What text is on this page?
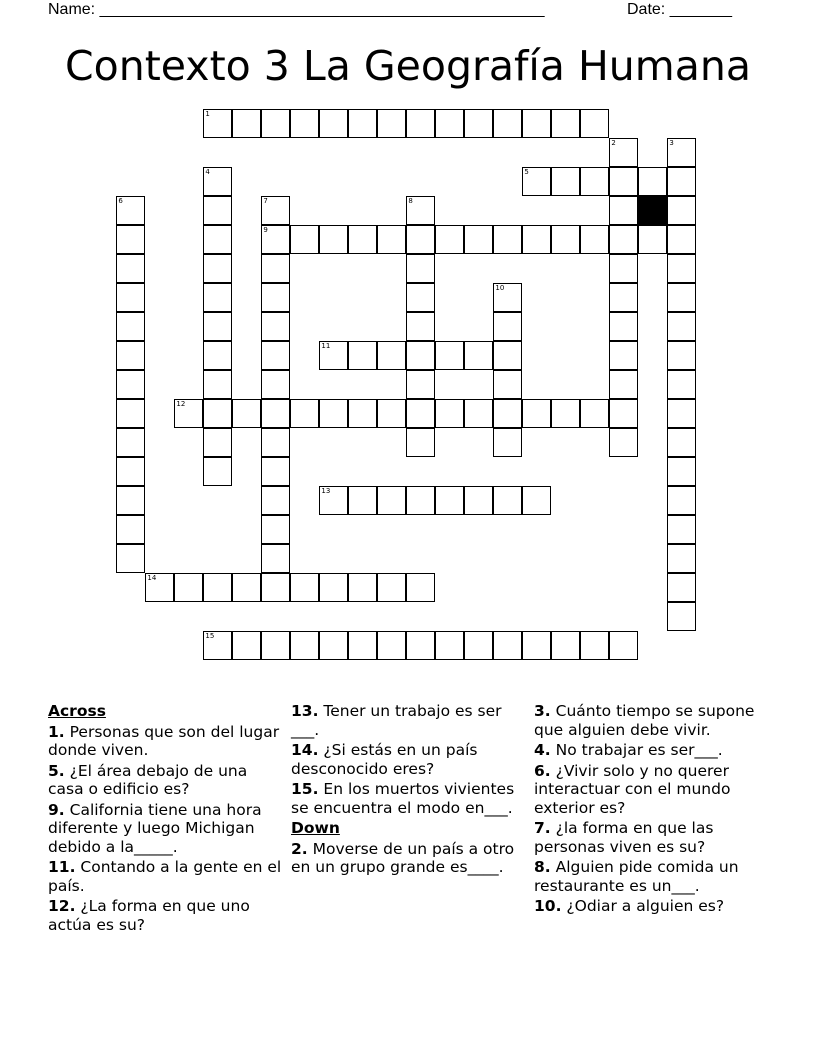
Name: __________________________________________________	Date: _______
Contexto 3 La Geografía Humana
1
2	3
4	5
6	7
9
8
10
11
12
13
14
15
Across
1. Personas que son del lugar donde viven.
5. ¿El área debajo de una casa o edificio es?
9. California tiene una hora diferente y luego Michigan debido a la_____.
11. Contando a la gente en el país.
12. ¿La forma en que uno actúa es su?
13. Tener un trabajo es ser ___.
14. ¿Si estás en un país desconocido eres?
15. En los muertos vivientes se encuentra el modo en___.
Down
2. Moverse de un país a otro en un grupo grande es____.
3. Cuánto tiempo se supone que alguien debe vivir.
4. No trabajar es ser___.
6. ¿Vivir solo y no querer interactuar con el mundo exterior es?
7. ¿la forma en que las personas viven es su?
8. Alguien pide comida un restaurante es un___.
10. ¿Odiar a alguien es?
